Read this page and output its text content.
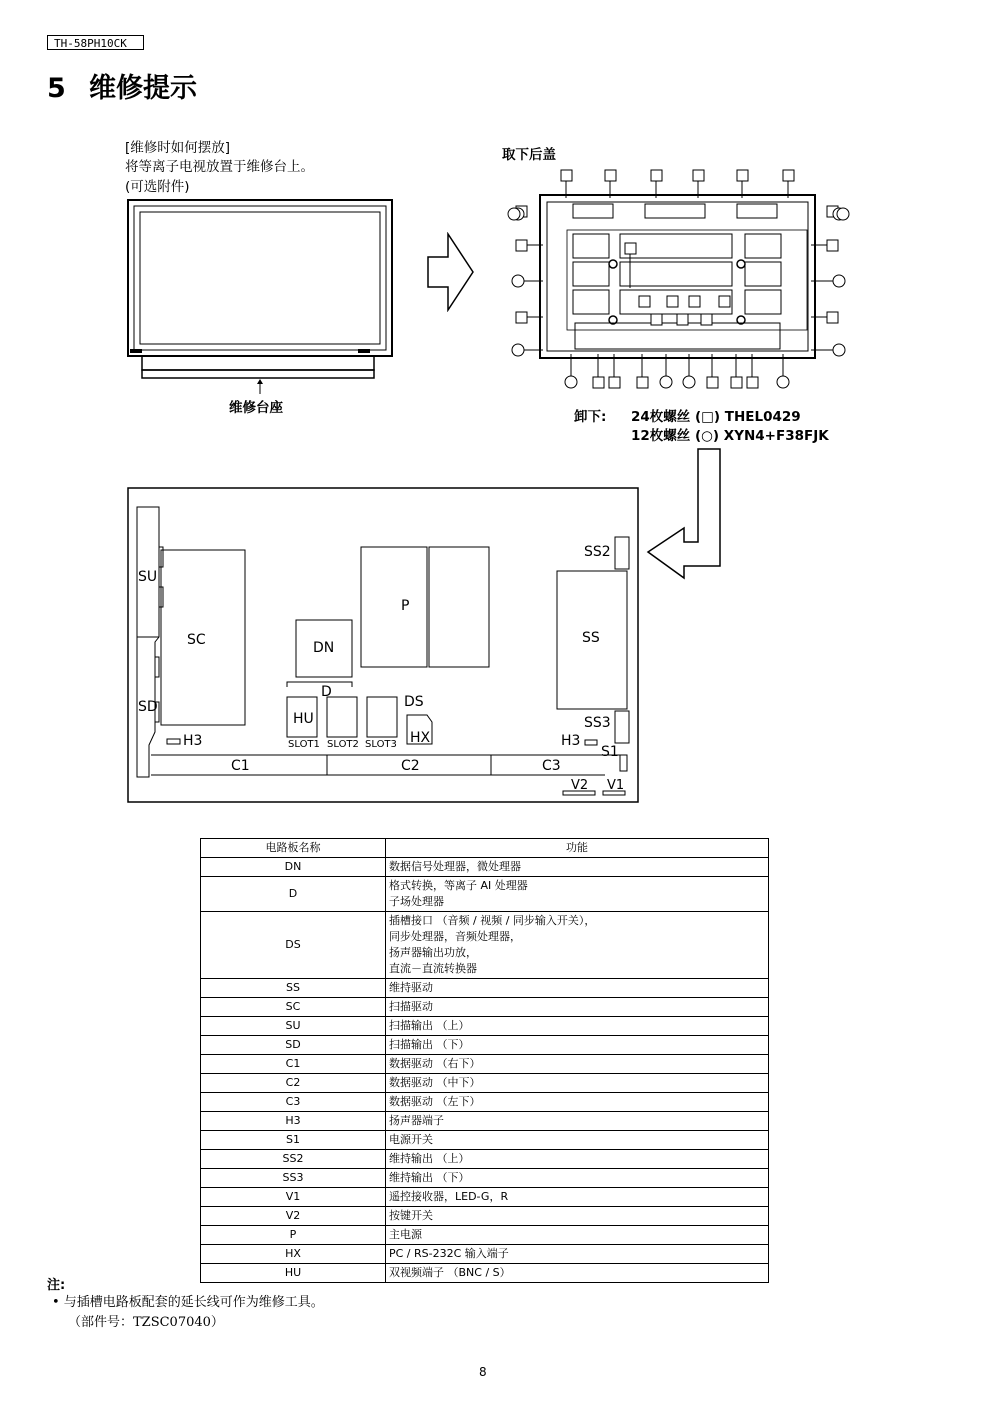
TH-58PH10CK
5 维修提示
[维修时如何摆放]
将等离子电视放置于维修台上。
(可选附件)
维修台座
取下后盖
卸下: 24枚螺丝 (□) THEL0429
12枚螺丝 (○) XYN4+F38FJK
SU
SC
SD
P
DN
D
DS
HU
HX
SS
SS2
SS3
H3	H3
S1
C1	C2	C3
V2 V1
SLOT1 SLOT2 SLOT3
电路板名称	功能
DN	数据信号处理器，微处理器

D	格式转换，等离子 AI 处理器
子场处理器

DS	插槽接口 （音频 / 视频 / 同步输入开关），
同步处理器，音频处理器，
扬声器输出功放，
直流－直流转换器

SS	维持驱动

SC	扫描驱动

SU	扫描输出 （上）

SD	扫描输出 （下）

C1	数据驱动 （右下）

C2	数据驱动 （中下）

C3	数据驱动 （左下）

H3	扬声器端子

S1	电源开关

SS2	维持输出 （上）

SS3	维持输出 （下）

V1	遥控接收器，LED-G，R

V2	按键开关

P	主电源

HX	PC / RS-232C 输入端子

HU	双视频端子 （BNC / S）
注:
• 与插槽电路板配套的延长线可作为维修工具。
（部件号：TZSC07040）
8
